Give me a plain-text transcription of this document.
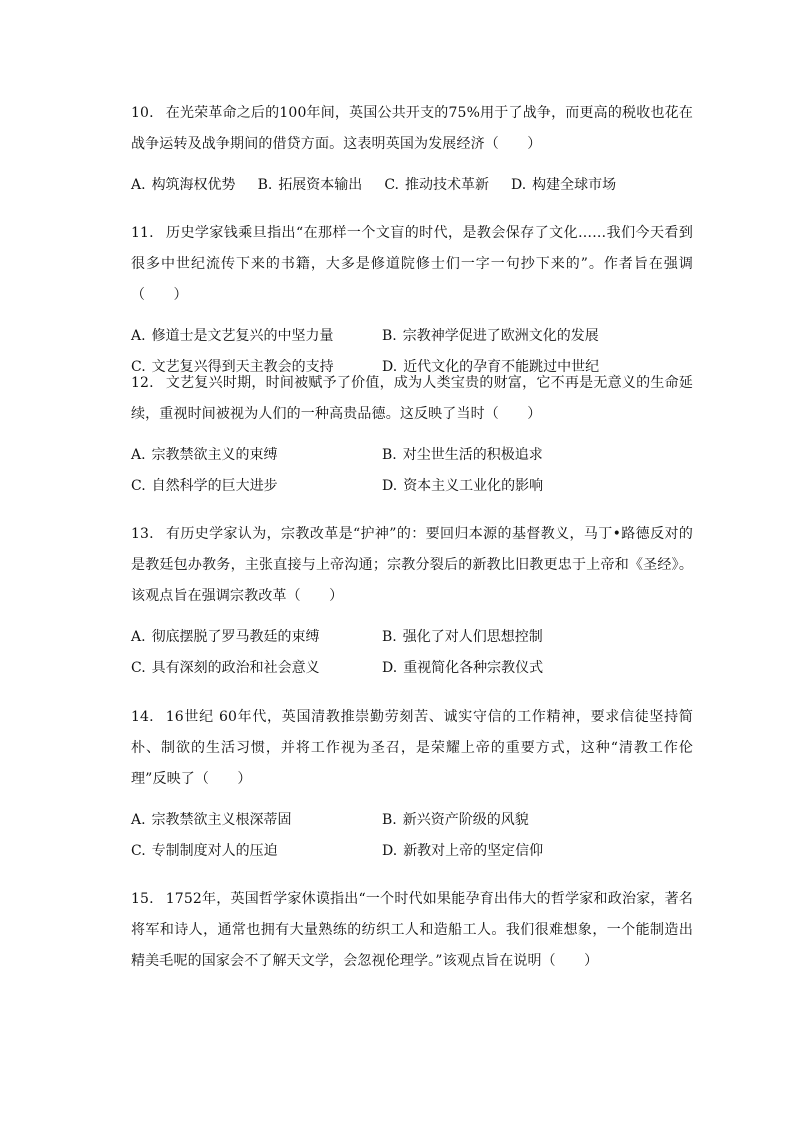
10. 在光荣革命之后的100年间，英国公共开支的75%用于了战争，而更高的税收也花在战争运转及战争期间的借贷方面。这表明英国为发展经济（　　）

A. 构筑海权优势 B. 拓展资本输出 C. 推动技术革新 D. 构建全球市场

11. 历史学家钱乘旦指出“在那样一个文盲的时代，是教会保存了文化……我们今天看到很多中世纪流传下来的书籍，大多是修道院修士们一字一句抄下来的”。作者旨在强调（　　）

A. 修道士是文艺复兴的中坚力量	B. 宗教神学促进了欧洲文化的发展
C. 文艺复兴得到天主教会的支持	D. 近代文化的孕育不能跳过中世纪

12. 文艺复兴时期，时间被赋予了价值，成为人类宝贵的财富，它不再是无意义的生命延续，重视时间被视为人们的一种高贵品德。这反映了当时（　　）

A. 宗教禁欲主义的束缚	B. 对尘世生活的积极追求
C. 自然科学的巨大进步	D. 资本主义工业化的影响

13. 有历史学家认为，宗教改革是“护神”的：要回归本源的基督教义，马丁•路德反对的是教廷包办教务，主张直接与上帝沟通；宗教分裂后的新教比旧教更忠于上帝和《圣经》。该观点旨在强调宗教改革（　　）

A. 彻底摆脱了罗马教廷的束缚	B. 强化了对人们思想控制
C. 具有深刻的政治和社会意义	D. 重视简化各种宗教仪式

14. 16世纪 60年代，英国清教推崇勤劳刻苦、诚实守信的工作精神，要求信徒坚持简朴、制欲的生活习惯，并将工作视为圣召，是荣耀上帝的重要方式，这种“清教工作伦理”反映了（　　）

A. 宗教禁欲主义根深蒂固	B. 新兴资产阶级的风貌
C. 专制制度对人的压迫	D. 新教对上帝的坚定信仰

15. 1752年，英国哲学家休谟指出“一个时代如果能孕育出伟大的哲学家和政治家，著名将军和诗人，通常也拥有大量熟练的纺织工人和造船工人。我们很难想象，一个能制造出精美毛呢的国家会不了解天文学，会忽视伦理学。”该观点旨在说明（　　）
